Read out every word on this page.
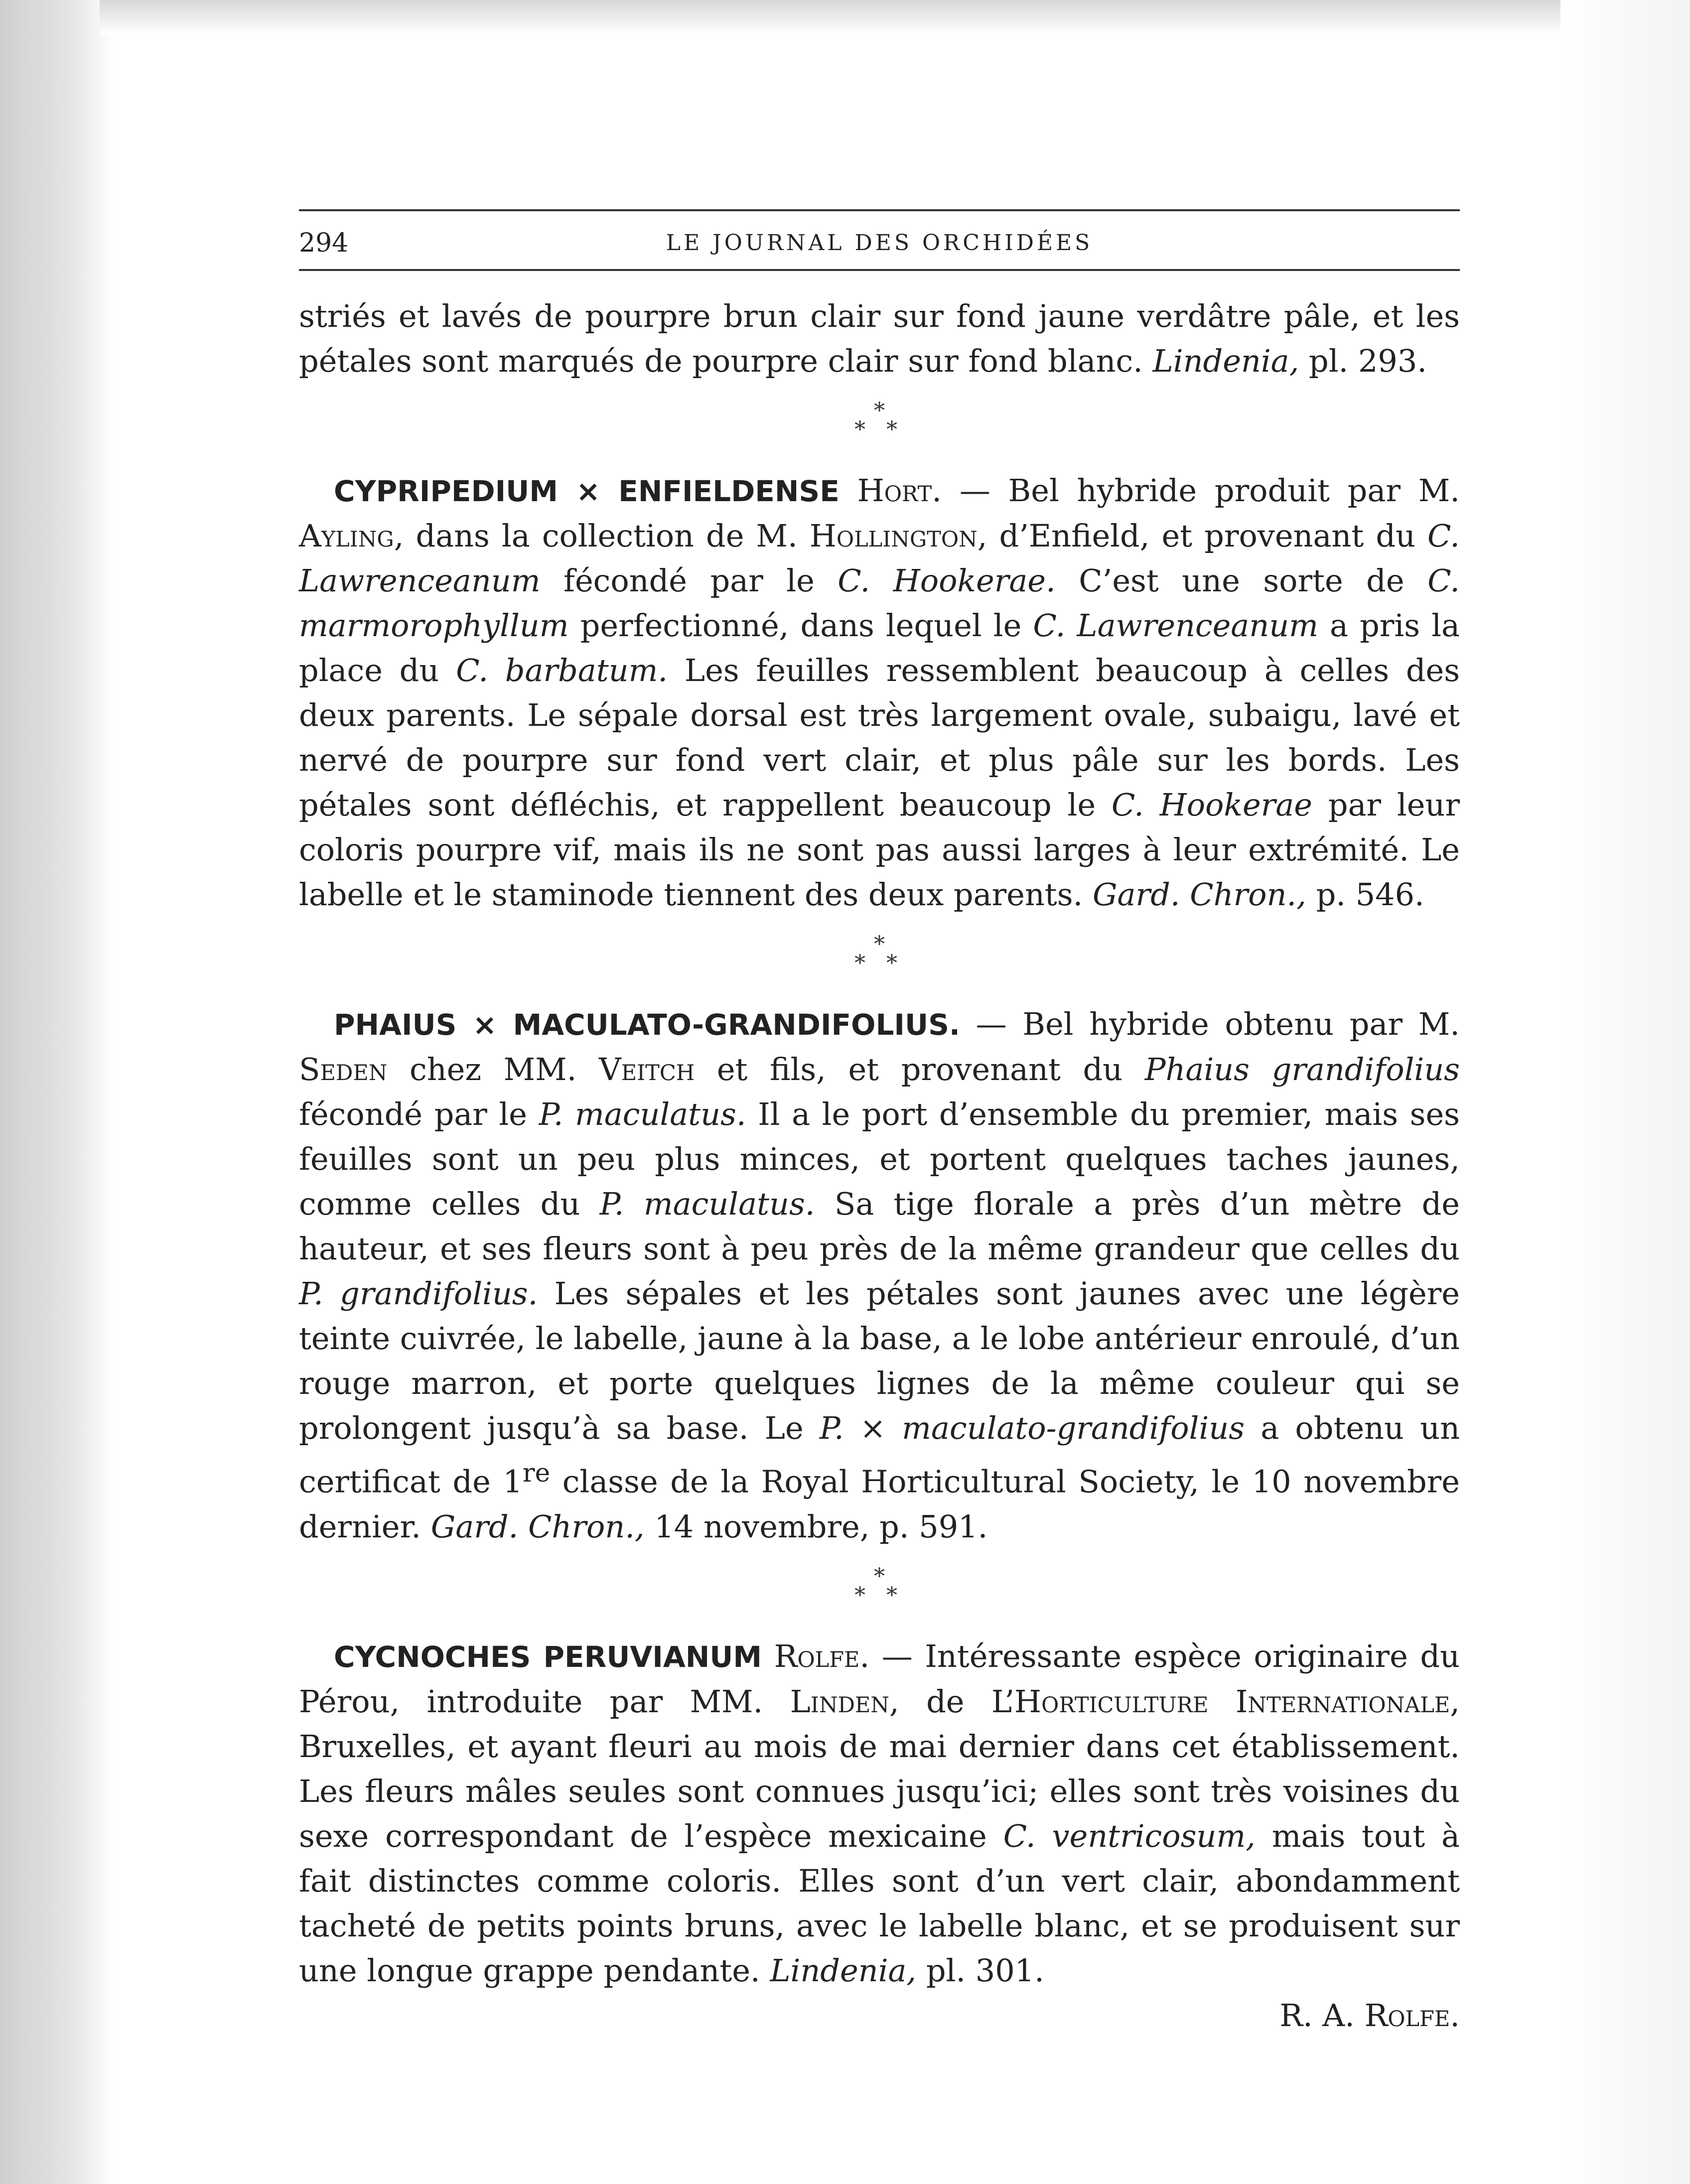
294	LE JOURNAL DES ORCHIDÉES

striés et lavés de pourpre brun clair sur fond jaune verdâtre pâle, et les pétales sont marqués de pourpre clair sur fond blanc. Lindenia, pl. 293.

*
* *

CYPRIPEDIUM × ENFIELDENSE Hort. — Bel hybride produit par M. Ayling, dans la collection de M. Hollington, d’Enfield, et provenant du C. Lawrenceanum fécondé par le C. Hookerae. C’est une sorte de C. marmorophyllum perfectionné, dans lequel le C. Lawrenceanum a pris la place du C. barbatum. Les feuilles ressemblent beaucoup à celles des deux parents. Le sépale dorsal est très largement ovale, subaigu, lavé et nervé de pourpre sur fond vert clair, et plus pâle sur les bords. Les pétales sont défléchis, et rappellent beaucoup le C. Hookerae par leur coloris pourpre vif, mais ils ne sont pas aussi larges à leur extrémité. Le labelle et le staminode tiennent des deux parents. Gard. Chron., p. 546.

*
* *

PHAIUS × MACULATO-GRANDIFOLIUS. — Bel hybride obtenu par M. Seden chez MM. Veitch et fils, et provenant du Phaius grandifolius fécondé par le P. maculatus. Il a le port d’ensemble du premier, mais ses feuilles sont un peu plus minces, et portent quelques taches jaunes, comme celles du P. maculatus. Sa tige florale a près d’un mètre de hauteur, et ses fleurs sont à peu près de la même grandeur que celles du P. grandifolius. Les sépales et les pétales sont jaunes avec une légère teinte cuivrée, le labelle, jaune à la base, a le lobe antérieur enroulé, d’un rouge marron, et porte quelques lignes de la même couleur qui se prolongent jusqu’à sa base. Le P. × maculato-grandifolius a obtenu un certificat de 1re classe de la Royal Horticultural Society, le 10 novembre dernier. Gard. Chron., 14 novembre, p. 591.

*
* *

CYCNOCHES PERUVIANUM Rolfe. — Intéressante espèce originaire du Pérou, introduite par MM. Linden, de L’Horticulture Internationale, Bruxelles, et ayant fleuri au mois de mai dernier dans cet établissement. Les fleurs mâles seules sont connues jusqu’ici; elles sont très voisines du sexe correspondant de l’espèce mexicaine C. ventricosum, mais tout à fait distinctes comme coloris. Elles sont d’un vert clair, abondamment tacheté de petits points bruns, avec le labelle blanc, et se produisent sur une longue grappe pendante. Lindenia, pl. 301.

R. A. Rolfe.
